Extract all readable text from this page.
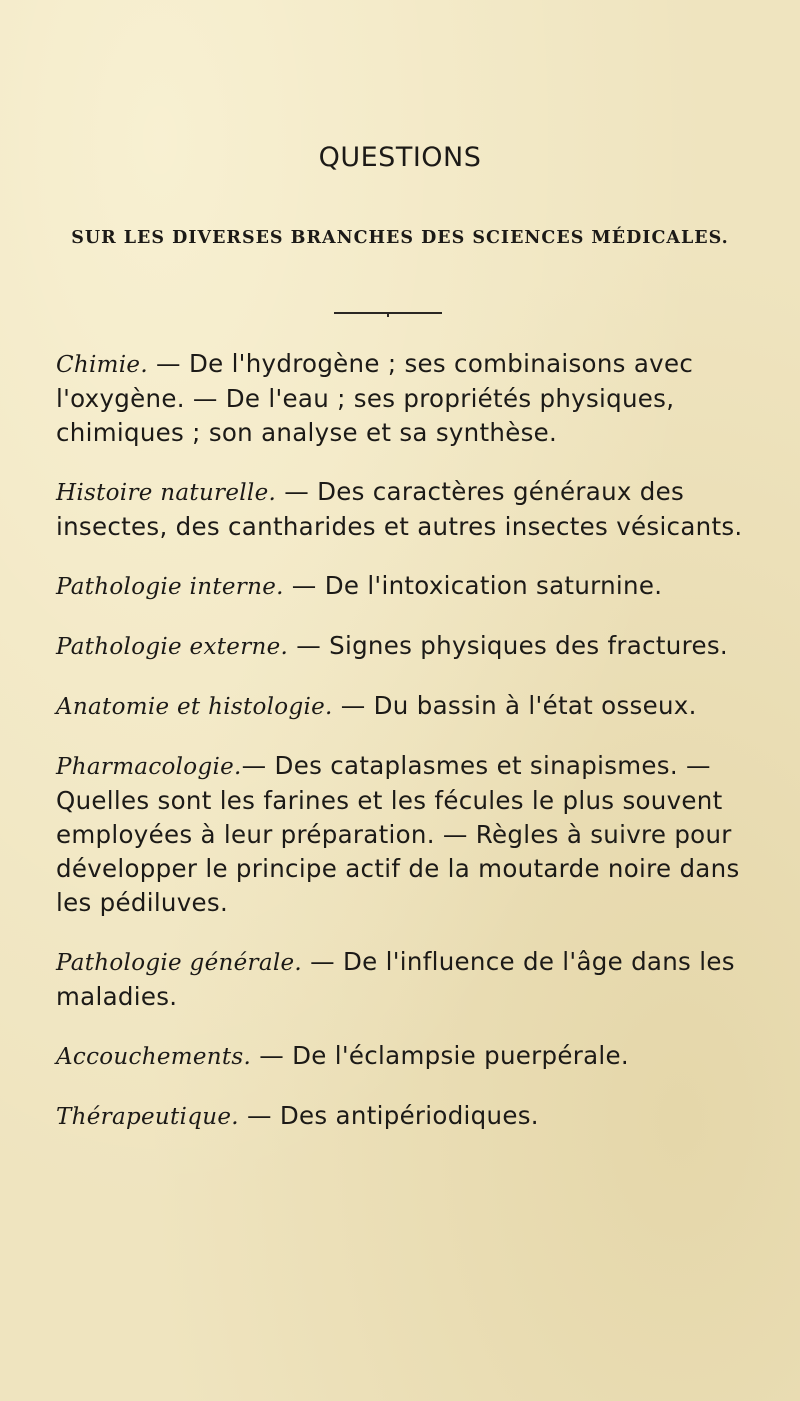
QUESTIONS
SUR LES DIVERSES BRANCHES DES SCIENCES MÉDICALES.

Chimie. — De l'hydrogène ; ses combinaisons avec l'oxygène. — De l'eau ; ses propriétés physiques, chimiques ; son analyse et sa synthèse.

Histoire naturelle. — Des caractères généraux des insectes, des cantharides et autres insectes vésicants.

Pathologie interne. — De l'intoxication saturnine.

Pathologie externe. — Signes physiques des fractures.

Anatomie et histologie. — Du bassin à l'état osseux.

Pharmacologie.— Des cataplasmes et sinapismes. — Quelles sont les farines et les fécules le plus souvent employées à leur préparation. — Règles à suivre pour développer le principe actif de la moutarde noire dans les pédiluves.

Pathologie générale. — De l'influence de l'âge dans les maladies.

Accouchements. — De l'éclampsie puerpérale.

Thérapeutique. — Des antipériodiques.
